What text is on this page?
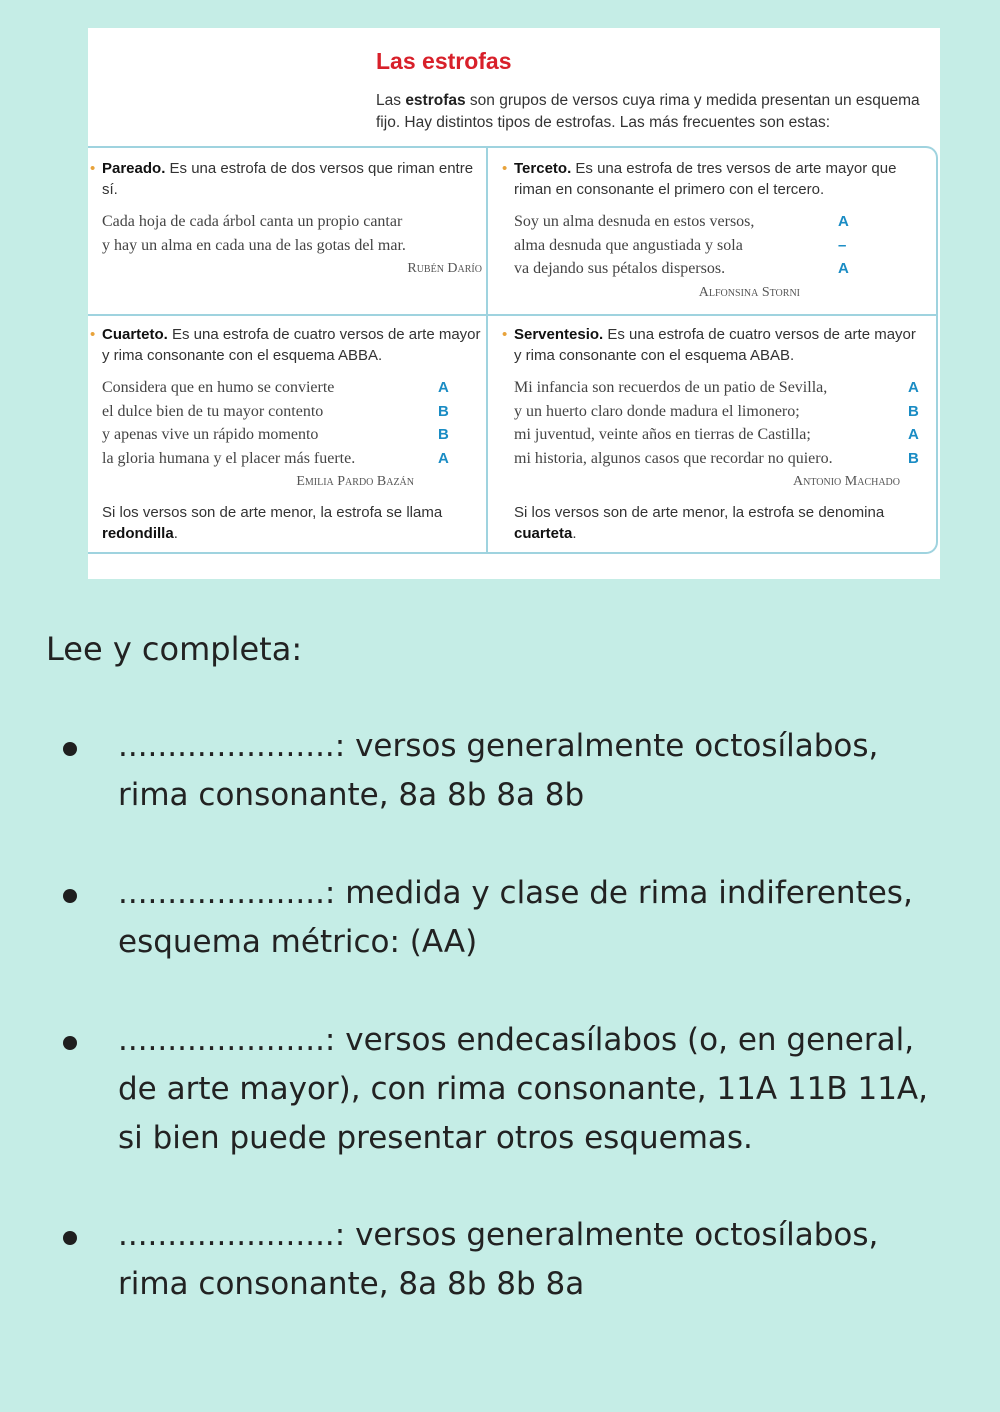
Las estrofas
Las estrofas son grupos de versos cuya rima y medida presentan un esquema fijo. Hay distintos tipos de estrofas. Las más frecuentes son estas:
• Pareado. Es una estrofa de dos versos que riman entre sí.
Cada hoja de cada árbol canta un propio cantar
y hay un alma en cada una de las gotas del mar.
Rubén Darío
• Terceto. Es una estrofa de tres versos de arte mayor que riman en consonante el primero con el tercero.
Soy un alma desnuda en estos versos,	A
alma desnuda que angustiada y sola	–
va dejando sus pétalos dispersos.	A
Alfonsina Storni
• Cuarteto. Es una estrofa de cuatro versos de arte mayor y rima consonante con el esquema ABBA.
Considera que en humo se convierte	A
el dulce bien de tu mayor contento	B
y apenas vive un rápido momento	B
la gloria humana y el placer más fuerte.	A
Emilia Pardo Bazán
Si los versos son de arte menor, la estrofa se llama redondilla.
• Serventesio. Es una estrofa de cuatro versos de arte mayor y rima consonante con el esquema ABAB.
Mi infancia son recuerdos de un patio de Sevilla,	A
y un huerto claro donde madura el limonero;	B
mi juventud, veinte años en tierras de Castilla;	A
mi historia, algunos casos que recordar no quiero.	B
Antonio Machado
Si los versos son de arte menor, la estrofa se denomina cuarteta.
Lee y completa:
......................: versos generalmente octosílabos, rima consonante, 8a 8b 8a 8b
.....................: medida y clase de rima indiferentes, esquema métrico: (AA)
.....................: versos endecasílabos (o, en general, de arte mayor), con rima consonante, 11A 11B 11A, si bien puede presentar otros esquemas.
......................: versos generalmente octosílabos, rima consonante, 8a 8b 8b 8a
